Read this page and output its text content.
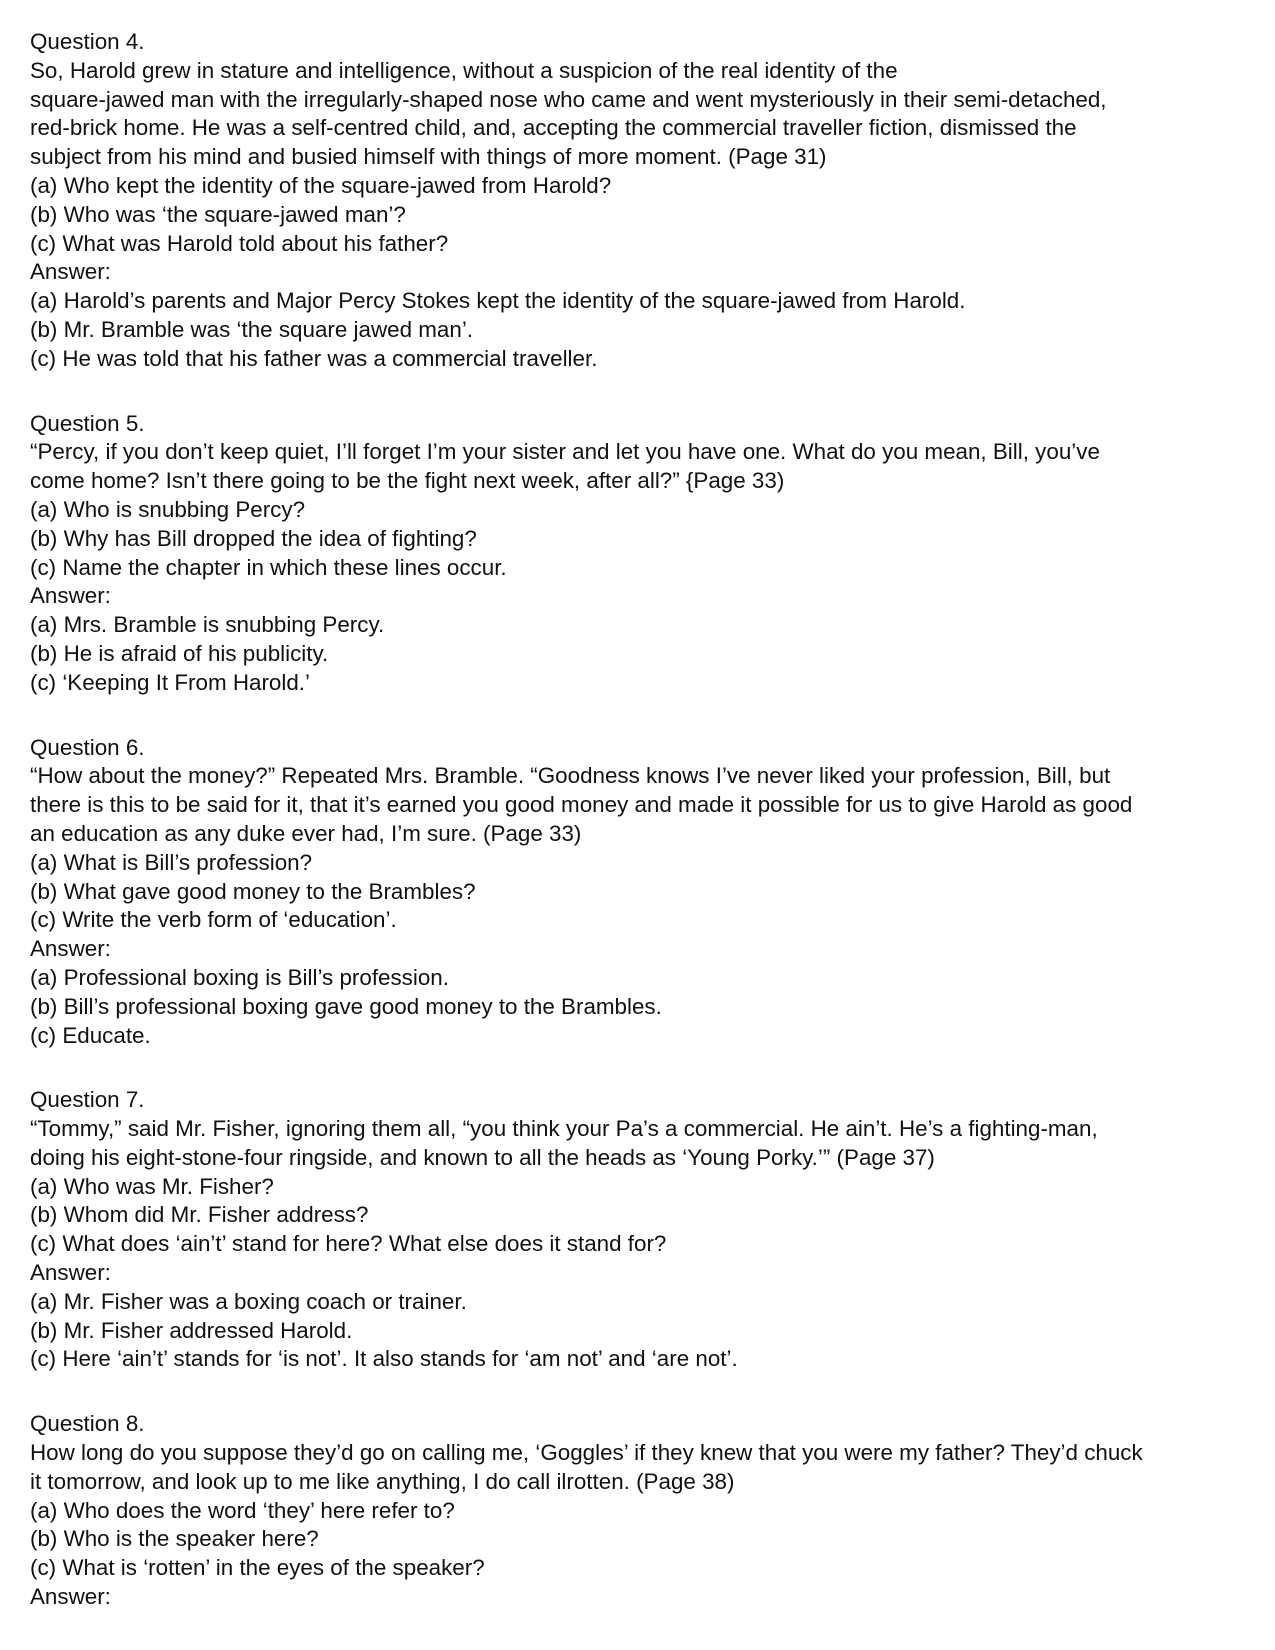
Question 4.
So, Harold grew in stature and intelligence, without a suspicion of the real identity of the
square-jawed man with the irregularly-shaped nose who came and went mysteriously in their semi-detached,
red-brick home. He was a self-centred child, and, accepting the commercial traveller fiction, dismissed the
subject from his mind and busied himself with things of more moment. (Page 31)
(a) Who kept the identity of the square-jawed from Harold?
(b) Who was ‘the square-jawed man’?
(c) What was Harold told about his father?
Answer:
(a) Harold’s parents and Major Percy Stokes kept the identity of the square-jawed from Harold.
(b) Mr. Bramble was ‘the square jawed man’.
(c) He was told that his father was a commercial traveller.
Question 5.
“Percy, if you don’t keep quiet, I’ll forget I’m your sister and let you have one. What do you mean, Bill, you’ve
come home? Isn’t there going to be the fight next week, after all?” {Page 33)
(a) Who is snubbing Percy?
(b) Why has Bill dropped the idea of fighting?
(c) Name the chapter in which these lines occur.
Answer:
(a) Mrs. Bramble is snubbing Percy.
(b) He is afraid of his publicity.
(c) ‘Keeping It From Harold.’
Question 6.
“How about the money?” Repeated Mrs. Bramble. “Goodness knows I’ve never liked your profession, Bill, but
there is this to be said for it, that it’s earned you good money and made it possible for us to give Harold as good
an education as any duke ever had, I’m sure. (Page 33)
(a) What is Bill’s profession?
(b) What gave good money to the Brambles?
(c) Write the verb form of ‘education’.
Answer:
(a) Professional boxing is Bill’s profession.
(b) Bill’s professional boxing gave good money to the Brambles.
(c) Educate.
Question 7.
“Tommy,” said Mr. Fisher, ignoring them all, “you think your Pa’s a commercial. He ain’t. He’s a fighting-man,
doing his eight-stone-four ringside, and known to all the heads as ‘Young Porky.’” (Page 37)
(a) Who was Mr. Fisher?
(b) Whom did Mr. Fisher address?
(c) What does ‘ain’t’ stand for here? What else does it stand for?
Answer:
(a) Mr. Fisher was a boxing coach or trainer.
(b) Mr. Fisher addressed Harold.
(c) Here ‘ain’t’ stands for ‘is not’. It also stands for ‘am not’ and ‘are not’.
Question 8.
How long do you suppose they’d go on calling me, ‘Goggles’ if they knew that you were my father? They’d chuck
it tomorrow, and look up to me like anything, I do call ilrotten. (Page 38)
(a) Who does the word ‘they’ here refer to?
(b) Who is the speaker here?
(c) What is ‘rotten’ in the eyes of the speaker?
Answer:
